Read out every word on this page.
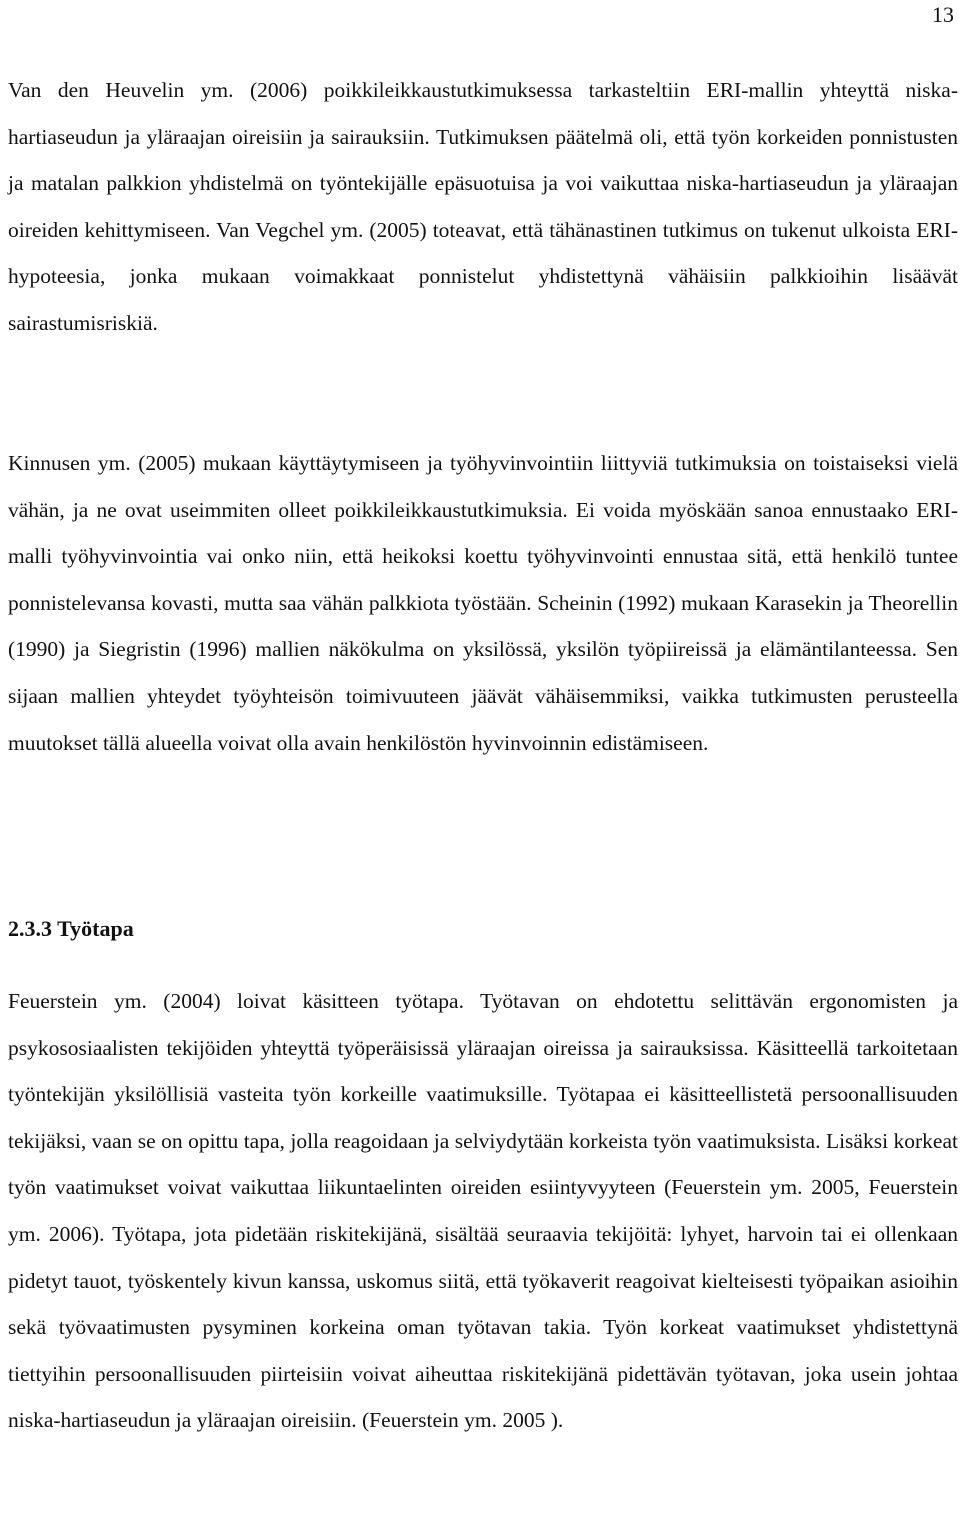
13

Van den Heuvelin ym. (2006) poikkileikkaustutkimuksessa tarkasteltiin ERI-mallin yhteyttä niska-hartiaseudun ja yläraajan oireisiin ja sairauksiin. Tutkimuksen päätelmä oli, että työn korkeiden ponnistusten ja matalan palkkion yhdistelmä on työntekijälle epäsuotuisa ja voi vaikuttaa niska-hartiaseudun ja yläraajan oireiden kehittymiseen. Van Vegchel ym. (2005) toteavat, että tähänastinen tutkimus on tukenut ulkoista ERI-hypoteesia, jonka mukaan voimakkaat ponnistelut yhdistettynä vähäisiin palkkioihin lisäävät sairastumisriskiä.

Kinnusen ym. (2005) mukaan käyttäytymiseen ja työhyvinvointiin liittyviä tutkimuksia on toistaiseksi vielä vähän, ja ne ovat useimmiten olleet poikkileikkaustutkimuksia. Ei voida myöskään sanoa ennustaako ERI-malli työhyvinvointia vai onko niin, että heikoksi koettu työhyvinvointi ennustaa sitä, että henkilö tuntee ponnistelevansa kovasti, mutta saa vähän palkkiota työstään. Scheinin (1992) mukaan Karasekin ja Theorellin (1990) ja Siegristin (1996) mallien näkökulma on yksilössä, yksilön työpiireissä ja elämäntilanteessa. Sen sijaan mallien yhteydet työyhteisön toimivuuteen jäävät vähäisemmiksi, vaikka tutkimusten perusteella muutokset tällä alueella voivat olla avain henkilöstön hyvinvoinnin edistämiseen.

2.3.3 Työtapa

Feuerstein ym. (2004) loivat käsitteen työtapa. Työtavan on ehdotettu selittävän ergonomisten ja psykososiaalisten tekijöiden yhteyttä työperäisissä yläraajan oireissa ja sairauksissa. Käsitteellä tarkoitetaan työntekijän yksilöllisiä vasteita työn korkeille vaatimuksille. Työtapaa ei käsitteellistetä persoonallisuuden tekijäksi, vaan se on opittu tapa, jolla reagoidaan ja selviydytään korkeista työn vaatimuksista. Lisäksi korkeat työn vaatimukset voivat vaikuttaa liikuntaelinten oireiden esiintyvyyteen (Feuerstein ym. 2005, Feuerstein ym. 2006). Työtapa, jota pidetään riskitekijänä, sisältää seuraavia tekijöitä: lyhyet, harvoin tai ei ollenkaan pidetyt tauot, työskentely kivun kanssa, uskomus siitä, että työkaverit reagoivat kielteisesti työpaikan asioihin sekä työvaatimusten pysyminen korkeina oman työtavan takia. Työn korkeat vaatimukset yhdistettynä tiettyihin persoonallisuuden piirteisiin voivat aiheuttaa riskitekijänä pidettävän työtavan, joka usein johtaa niska-hartiaseudun ja yläraajan oireisiin. (Feuerstein ym. 2005 ).
